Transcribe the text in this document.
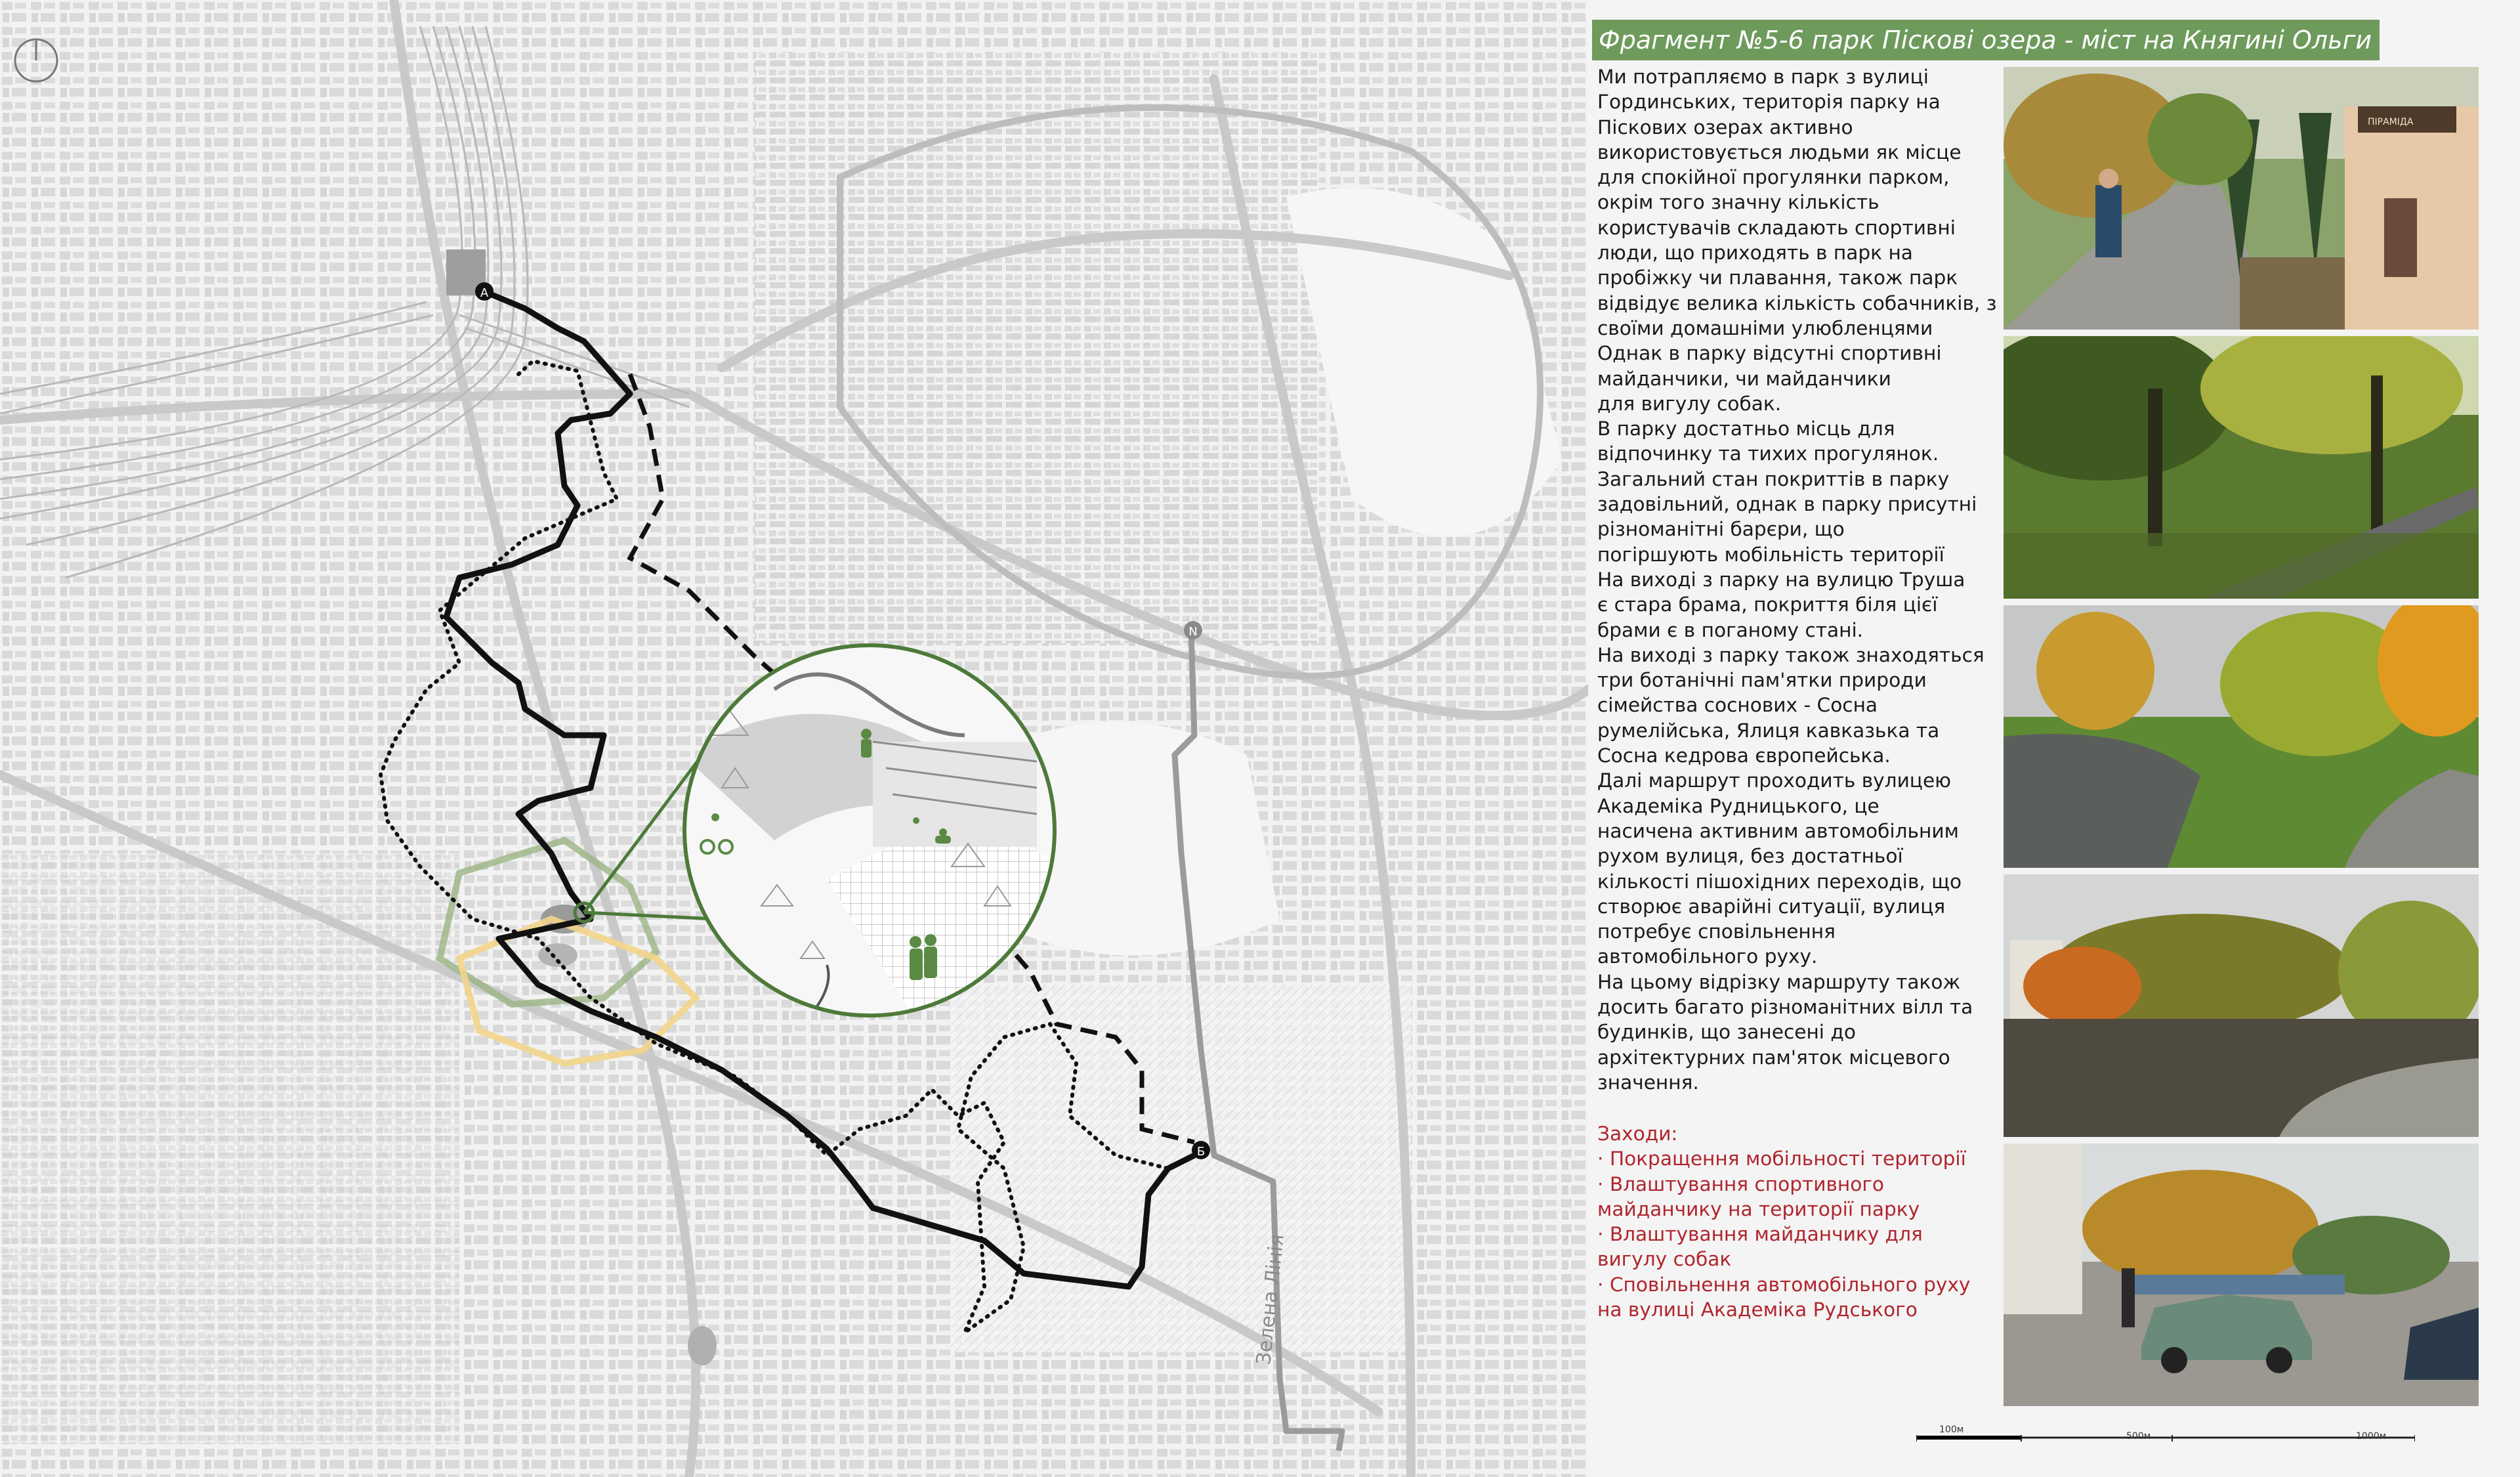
А
Б
N
Зелена Лінія
Фрагмент №5-6 парк Піскові озера - міст на Княгині Ольги

Ми потрапляємо в парк з вулиці

Гординських, територія парку на

Піскових озерах активно

використовується людьми як місце

для спокійної прогулянки парком,

окрім того значну кількість

користувачів складають спортивні

люди, що приходять в парк на

пробіжку чи плавання, також парк

відвідує велика кількість собачників, з

своїми домашніми улюбленцями

Однак в парку відсутні спортивні

майданчики, чи майданчики

для вигулу собак.

В парку достатньо місць для

відпочинку та тихих прогулянок.

Загальний стан покриттів в парку

задовільний, однак в парку присутні

різноманітні барєри, що

погіршують мобільність території

На виході з парку на вулицю Труша

є стара брама, покриття біля цієї

брами є в поганому стані.

На виході з парку також знаходяться

три ботанічні пам'ятки природи

сімейства соснових - Сосна

румелійська, Ялиця кавказька та

Сосна кедрова європейська.

Далі маршрут проходить вулицею

Академіка Рудницького, це

насичена активним автомобільним

рухом вулиця, без достатньої

кількості пішохідних переходів, що

створює аварійні ситуації, вулиця

потребує сповільнення

автомобільного руху.

На цьому відрізку маршруту також

досить багато різноманітних вілл та

будинків, що занесені до

архітектурних пам'яток місцевого

значення.

Заходи:

· Покращення мобільності території

· Влаштування спортивного

майданчику на території парку

· Влаштування майданчику для

вигулу собак

· Сповільнення автомобільного руху

на вулиці Академіка Рудського

ПІРАМІДА
100м
500м	1000м
